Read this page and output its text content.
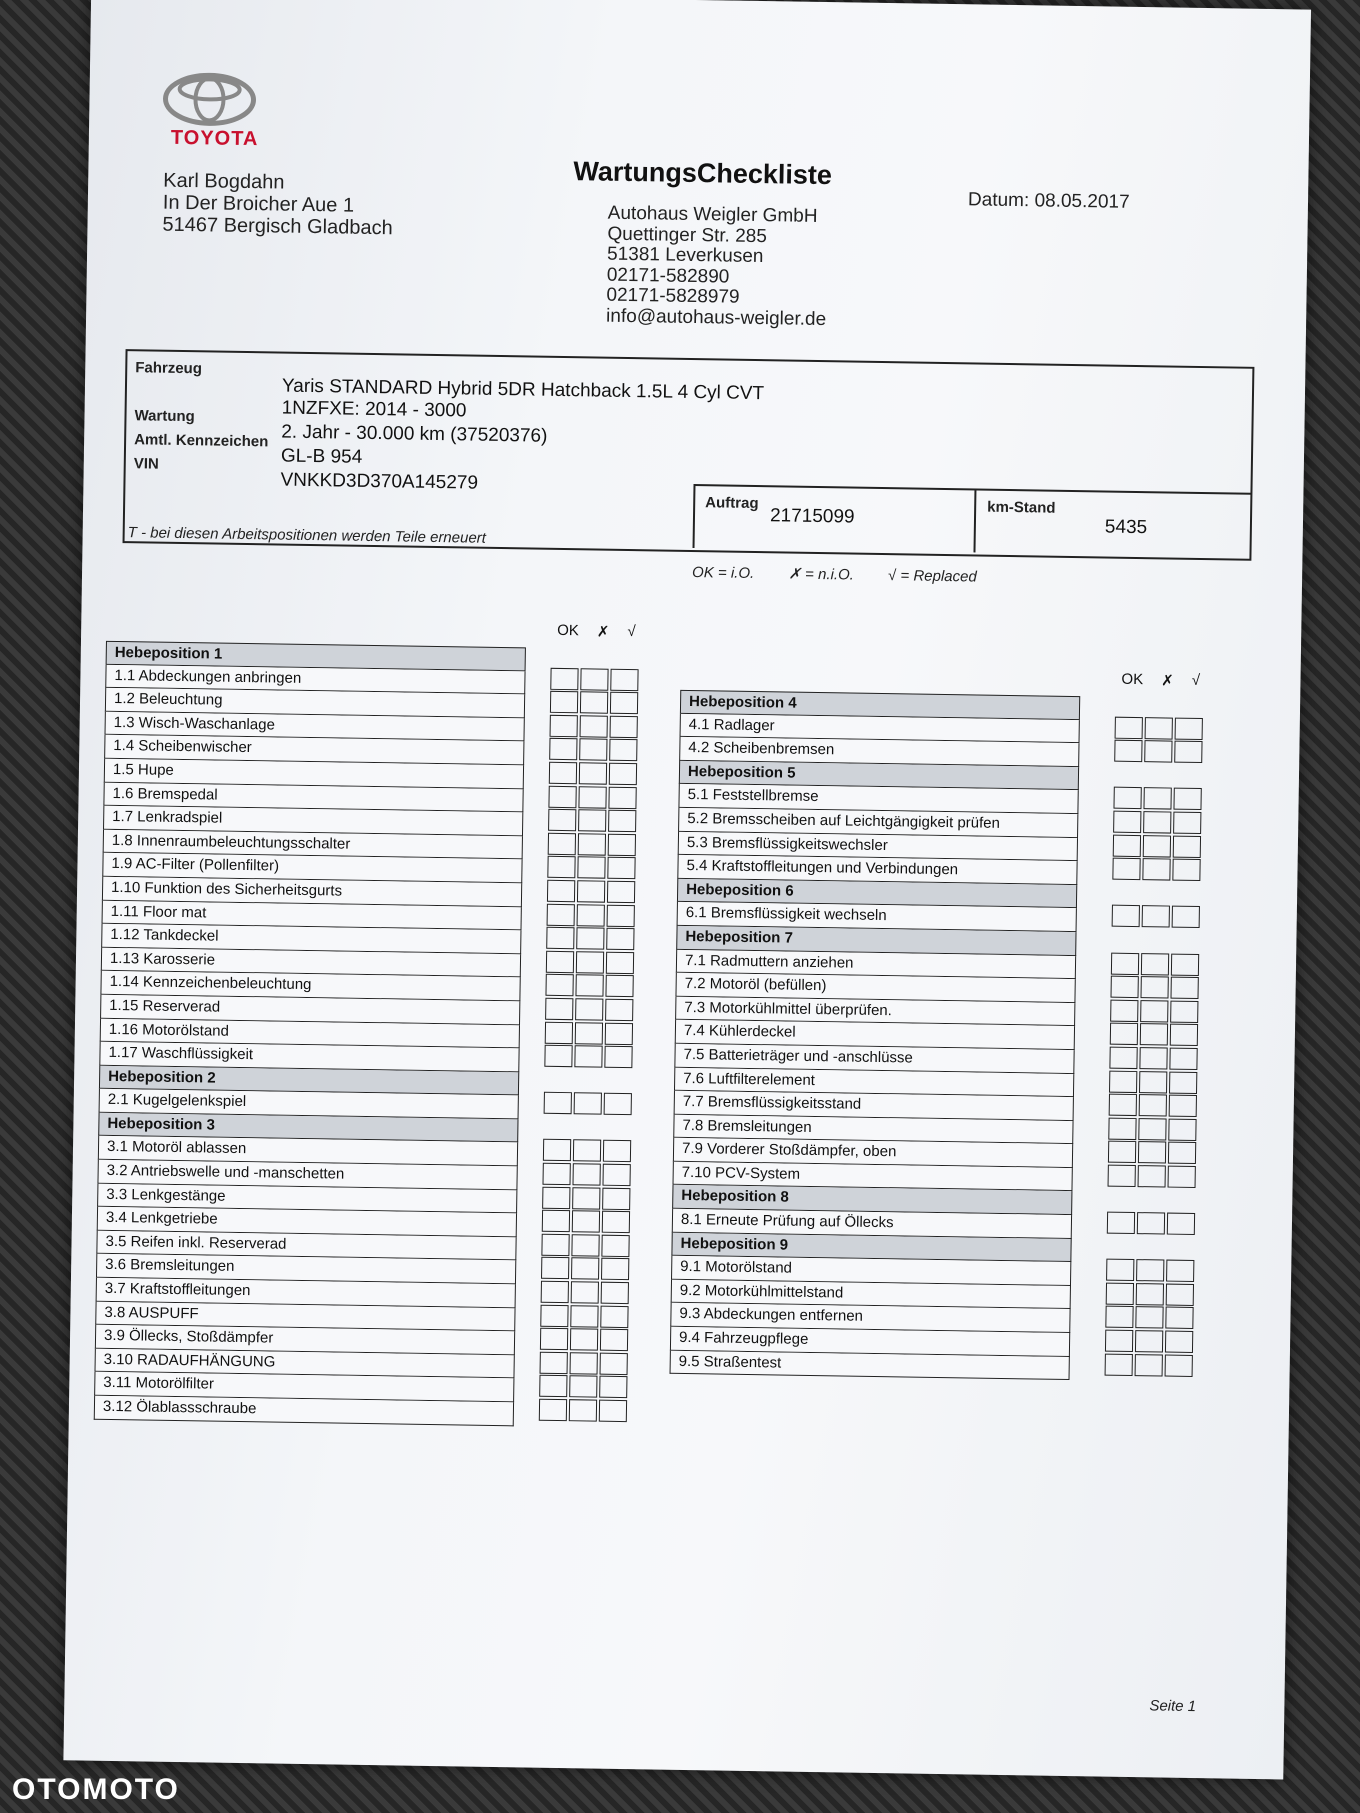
TOYOTA
Karl Bogdahn
In Der Broicher Aue 1
51467 Bergisch Gladbach
WartungsCheckliste
Datum: 08.05.2017
Autohaus Weigler GmbH
Quettinger Str. 285
51381 Leverkusen
02171-582890
02171-5828979
info@autohaus-weigler.de
Fahrzeug
Yaris STANDARD Hybrid 5DR Hatchback 1.5L 4 Cyl CVT
1NZFXE: 2014 - 3000
Wartung
2. Jahr - 30.000 km (37520376)
Amtl. Kennzeichen
GL-B 954
VIN
VNKKD3D370A145279
Auftrag
21715099	km-Stand
5435
T - bei diesen Arbeitspositionen werden Teile erneuert
OK = i.O. ✗ = n.i.O. √ = Replaced
Hebeposition 1
1.1 Abdeckungen anbringen
1.2 Beleuchtung
1.3 Wisch-Waschanlage
1.4 Scheibenwischer
1.5 Hupe
1.6 Bremspedal
1.7 Lenkradspiel
1.8 Innenraumbeleuchtungsschalter
1.9 AC-Filter (Pollenfilter)
1.10 Funktion des Sicherheitsgurts
1.11 Floor mat
1.12 Tankdeckel
1.13 Karosserie
1.14 Kennzeichenbeleuchtung
1.15 Reserverad
1.16 Motorölstand
1.17 Waschflüssigkeit
Hebeposition 2
2.1 Kugelgelenkspiel
Hebeposition 3
3.1 Motoröl ablassen
3.2 Antriebswelle und -manschetten
3.3 Lenkgestänge
3.4 Lenkgetriebe
3.5 Reifen inkl. Reserverad
3.6 Bremsleitungen
3.7 Kraftstoffleitungen
3.8 AUSPUFF
3.9 Öllecks, Stoßdämpfer
3.10 RADAUFHÄNGUNG
3.11 Motorölfilter
3.12 Ölablassschraube
OK ✗ √
Hebeposition 4
4.1 Radlager
4.2 Scheibenbremsen
Hebeposition 5
5.1 Feststellbremse
5.2 Bremsscheiben auf Leichtgängigkeit prüfen
5.3 Bremsflüssigkeitswechsler
5.4 Kraftstoffleitungen und Verbindungen
Hebeposition 6
6.1 Bremsflüssigkeit wechseln
Hebeposition 7
7.1 Radmuttern anziehen
7.2 Motoröl (befüllen)
7.3 Motorkühlmittel überprüfen.
7.4 Kühlerdeckel
7.5 Batterieträger und -anschlüsse
7.6 Luftfilterelement
7.7 Bremsflüssigkeitsstand
7.8 Bremsleitungen
7.9 Vorderer Stoßdämpfer, oben
7.10 PCV-System
Hebeposition 8
8.1 Erneute Prüfung auf Öllecks
Hebeposition 9
9.1 Motorölstand
9.2 Motorkühlmittelstand
9.3 Abdeckungen entfernen
9.4 Fahrzeugpflege
9.5 Straßentest
OK ✗ √
Seite 1
OTOMOTO
